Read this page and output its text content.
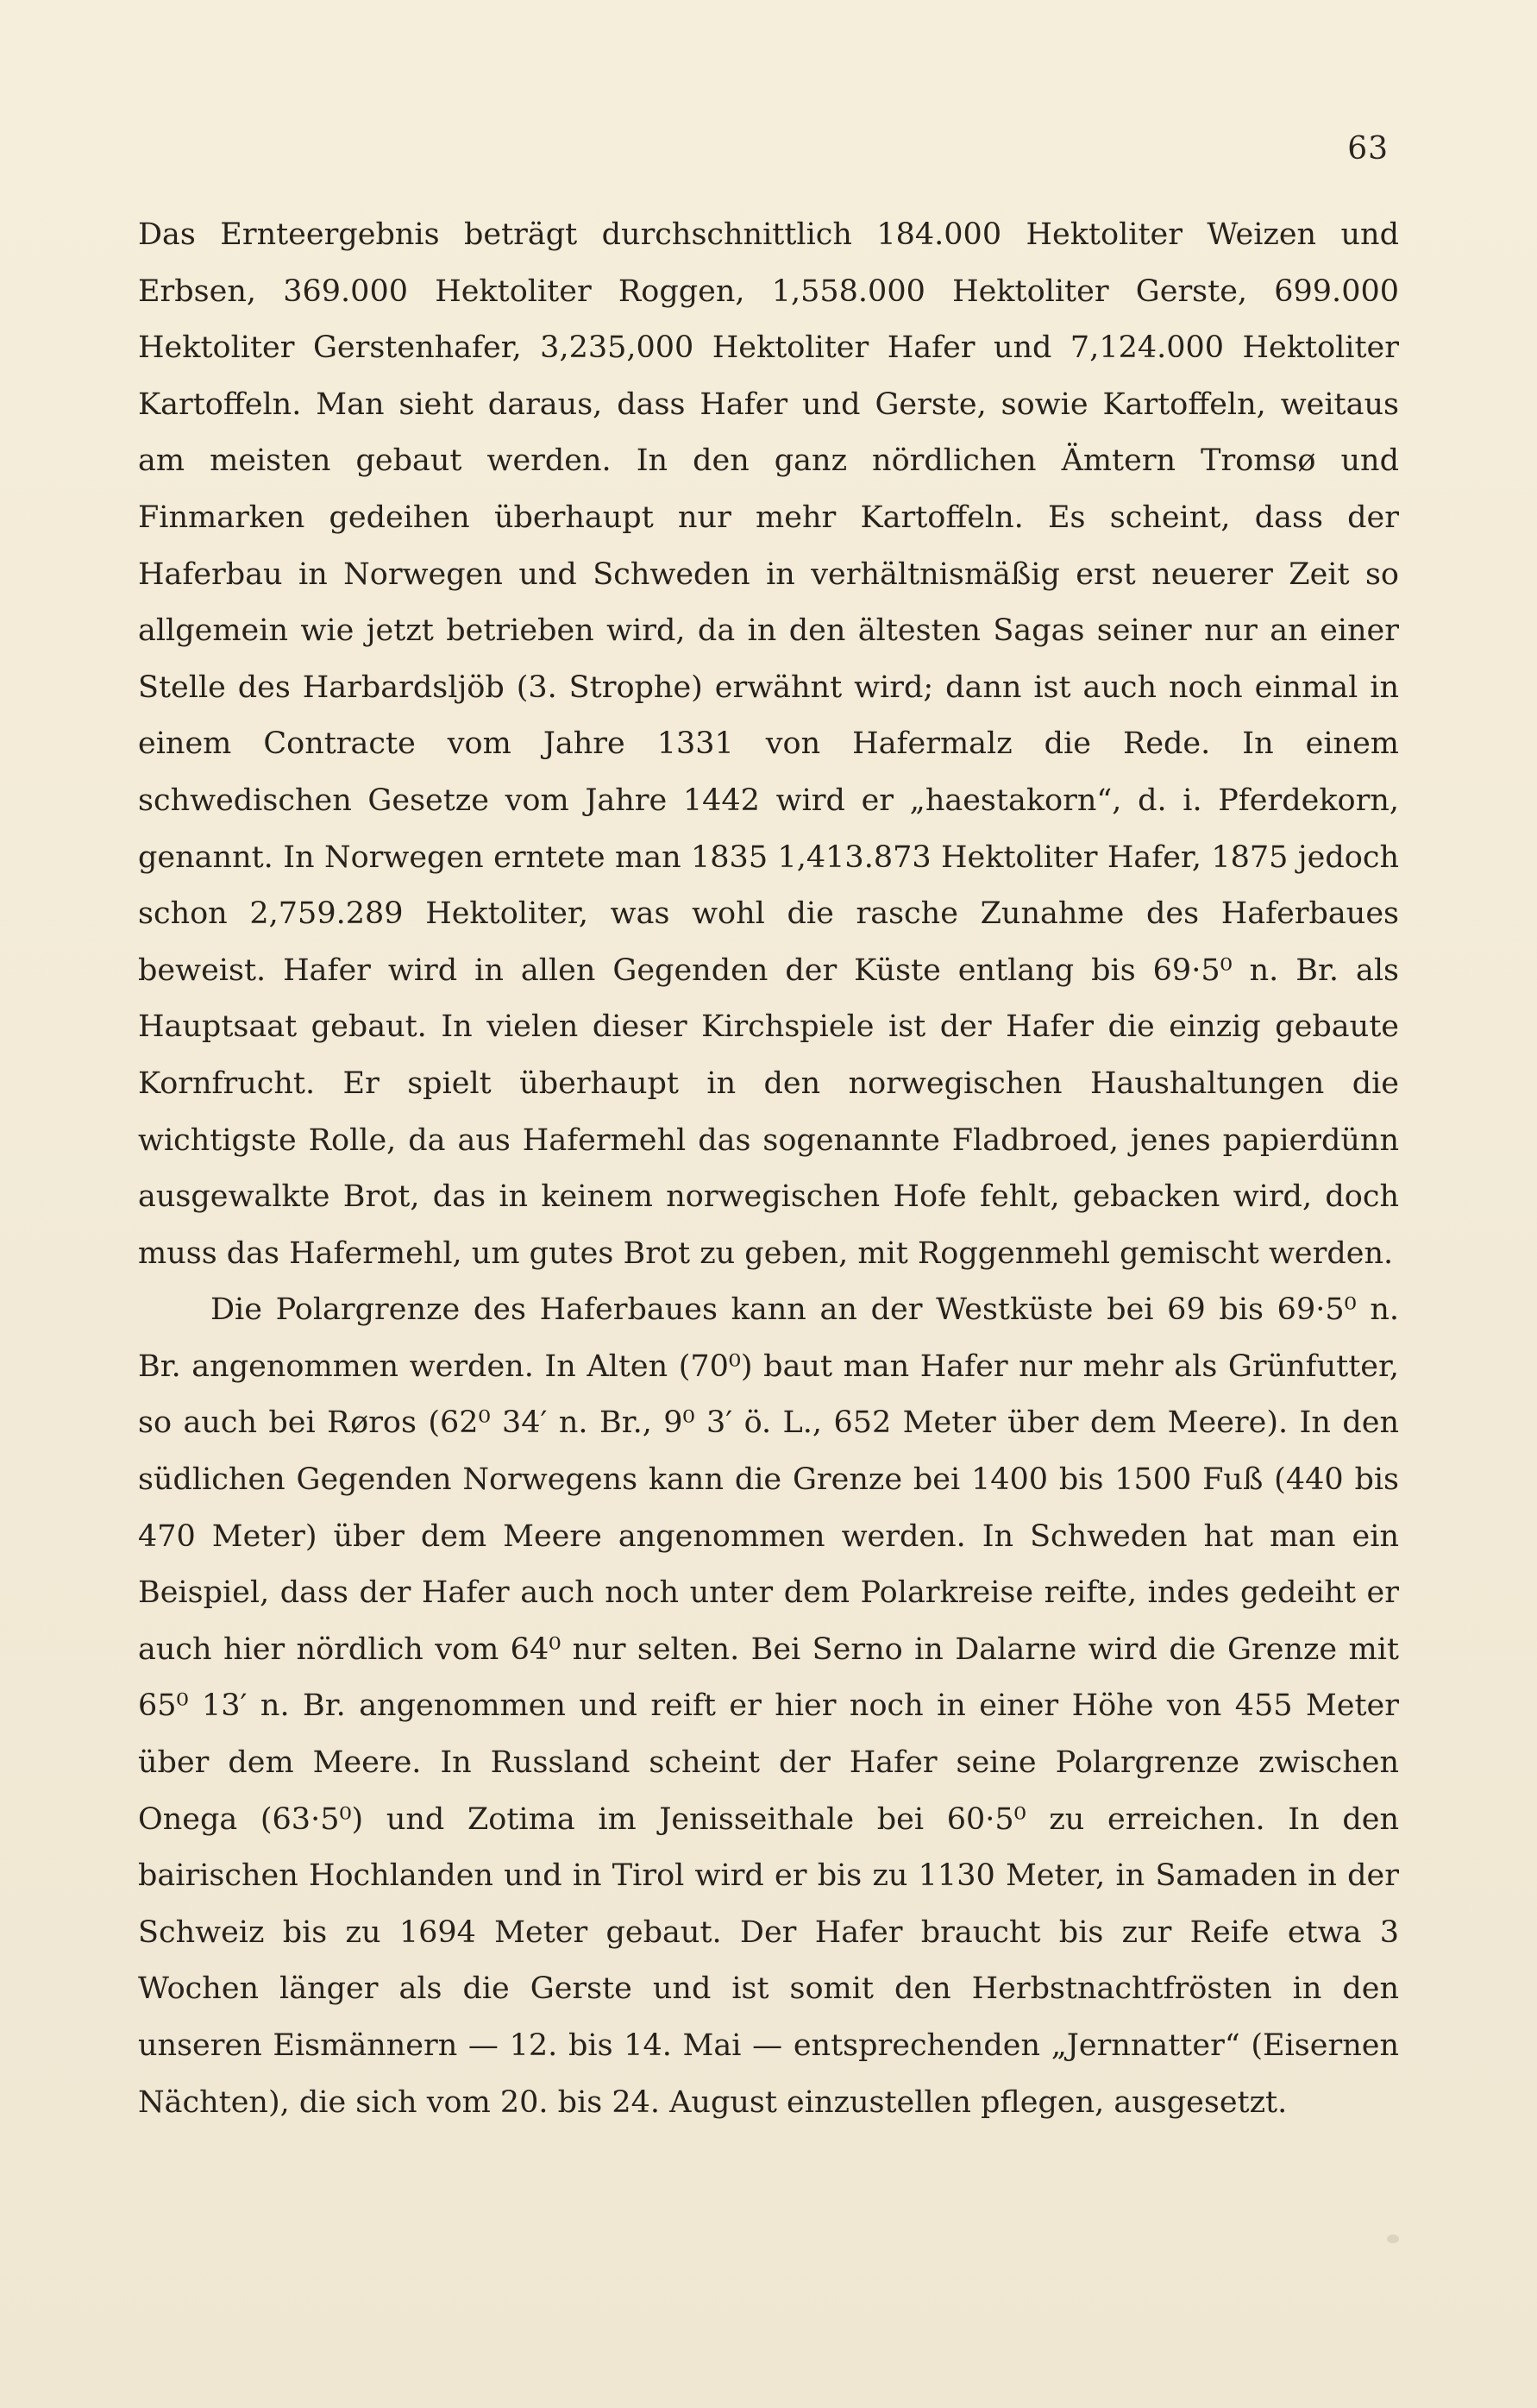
63

Das Ernteergebnis beträgt durchschnittlich 184.000 Hektoliter Weizen und Erbsen, 369.000 Hektoliter Roggen, 1,558.000 Hektoliter Gerste, 699.000 Hektoliter Gerstenhafer, 3,235,000 Hektoliter Hafer und 7,124.000 Hektoliter Kartoffeln. Man sieht daraus, dass Hafer und Gerste, sowie Kartoffeln, weitaus am meisten gebaut werden. In den ganz nördlichen Ämtern Tromsø und Finmarken gedeihen überhaupt nur mehr Kartoffeln. Es scheint, dass der Haferbau in Norwegen und Schweden in verhältnismäßig erst neuerer Zeit so allgemein wie jetzt betrieben wird, da in den ältesten Sagas seiner nur an einer Stelle des Harbardsljöb (3. Strophe) erwähnt wird; dann ist auch noch einmal in einem Contracte vom Jahre 1331 von Hafermalz die Rede. In einem schwedischen Gesetze vom Jahre 1442 wird er „haestakorn“, d. i. Pferdekorn, genannt. In Norwegen erntete man 1835 1,413.873 Hektoliter Hafer, 1875 jedoch schon 2,759.289 Hektoliter, was wohl die rasche Zunahme des Haferbaues beweist. Hafer wird in allen Gegenden der Küste entlang bis 69·5⁰ n. Br. als Hauptsaat gebaut. In vielen dieser Kirchspiele ist der Hafer die einzig gebaute Kornfrucht. Er spielt überhaupt in den norwegischen Haushaltungen die wichtigste Rolle, da aus Hafermehl das sogenannte Fladbroed, jenes papierdünn ausgewalkte Brot, das in keinem norwegischen Hofe fehlt, gebacken wird, doch muss das Hafermehl, um gutes Brot zu geben, mit Roggenmehl gemischt werden.

Die Polargrenze des Haferbaues kann an der Westküste bei 69 bis 69·5⁰ n. Br. angenommen werden. In Alten (70⁰) baut man Hafer nur mehr als Grünfutter, so auch bei Røros (62⁰ 34′ n. Br., 9⁰ 3′ ö. L., 652 Meter über dem Meere). In den südlichen Gegenden Norwegens kann die Grenze bei 1400 bis 1500 Fuß (440 bis 470 Meter) über dem Meere angenommen werden. In Schweden hat man ein Beispiel, dass der Hafer auch noch unter dem Polarkreise reifte, indes gedeiht er auch hier nördlich vom 64⁰ nur selten. Bei Serno in Dalarne wird die Grenze mit 65⁰ 13′ n. Br. angenommen und reift er hier noch in einer Höhe von 455 Meter über dem Meere. In Russland scheint der Hafer seine Polargrenze zwischen Onega (63·5⁰) und Zotima im Jenisseithale bei 60·5⁰ zu erreichen. In den bairischen Hochlanden und in Tirol wird er bis zu 1130 Meter, in Samaden in der Schweiz bis zu 1694 Meter gebaut. Der Hafer braucht bis zur Reife etwa 3 Wochen länger als die Gerste und ist somit den Herbstnachtfrösten in den unseren Eismännern — 12. bis 14. Mai — entsprechenden „Jernnatter“ (Eisernen Nächten), die sich vom 20. bis 24. August einzustellen pflegen, ausgesetzt.
